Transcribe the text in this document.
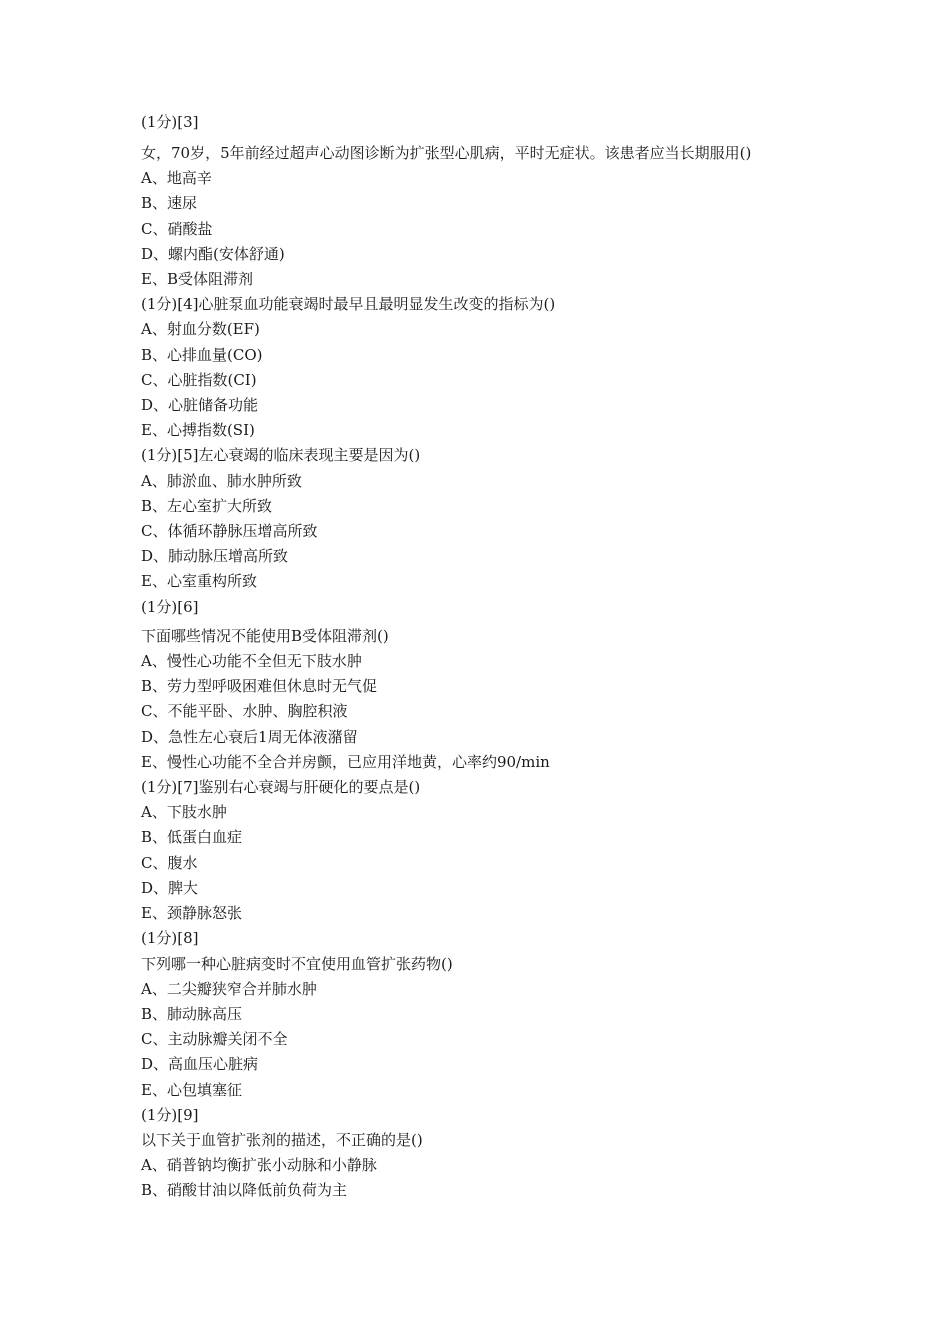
(1分)[3]

女，70岁，5年前经过超声心动图诊断为扩张型心肌病，平时无症状。该患者应当长期服用()

A、地高辛

B、速尿

C、硝酸盐

D、螺内酯(安体舒通)

E、B受体阻滞剂

(1分)[4]心脏泵血功能衰竭时最早且最明显发生改变的指标为()

A、射血分数(EF)

B、心排血量(CO)

C、心脏指数(CI)

D、心脏储备功能

E、心搏指数(SI)

(1分)[5]左心衰竭的临床表现主要是因为()

A、肺淤血、肺水肿所致

B、左心室扩大所致

C、体循环静脉压增高所致

D、肺动脉压增高所致

E、心室重构所致

(1分)[6]

下面哪些情况不能使用B受体阻滞剂()

A、慢性心功能不全但无下肢水肿

B、劳力型呼吸困难但休息时无气促

C、不能平卧、水肿、胸腔积液

D、急性左心衰后1周无体液潴留

E、慢性心功能不全合并房颤，已应用洋地黄，心率约90/min

(1分)[7]鉴别右心衰竭与肝硬化的要点是()

A、下肢水肿

B、低蛋白血症

C、腹水

D、脾大

E、颈静脉怒张

(1分)[8]

下列哪一种心脏病变时不宜使用血管扩张药物()

A、二尖瓣狭窄合并肺水肿

B、肺动脉高压

C、主动脉瓣关闭不全

D、高血压心脏病

E、心包填塞征

(1分)[9]

以下关于血管扩张剂的描述，不正确的是()

A、硝普钠均衡扩张小动脉和小静脉

B、硝酸甘油以降低前负荷为主
